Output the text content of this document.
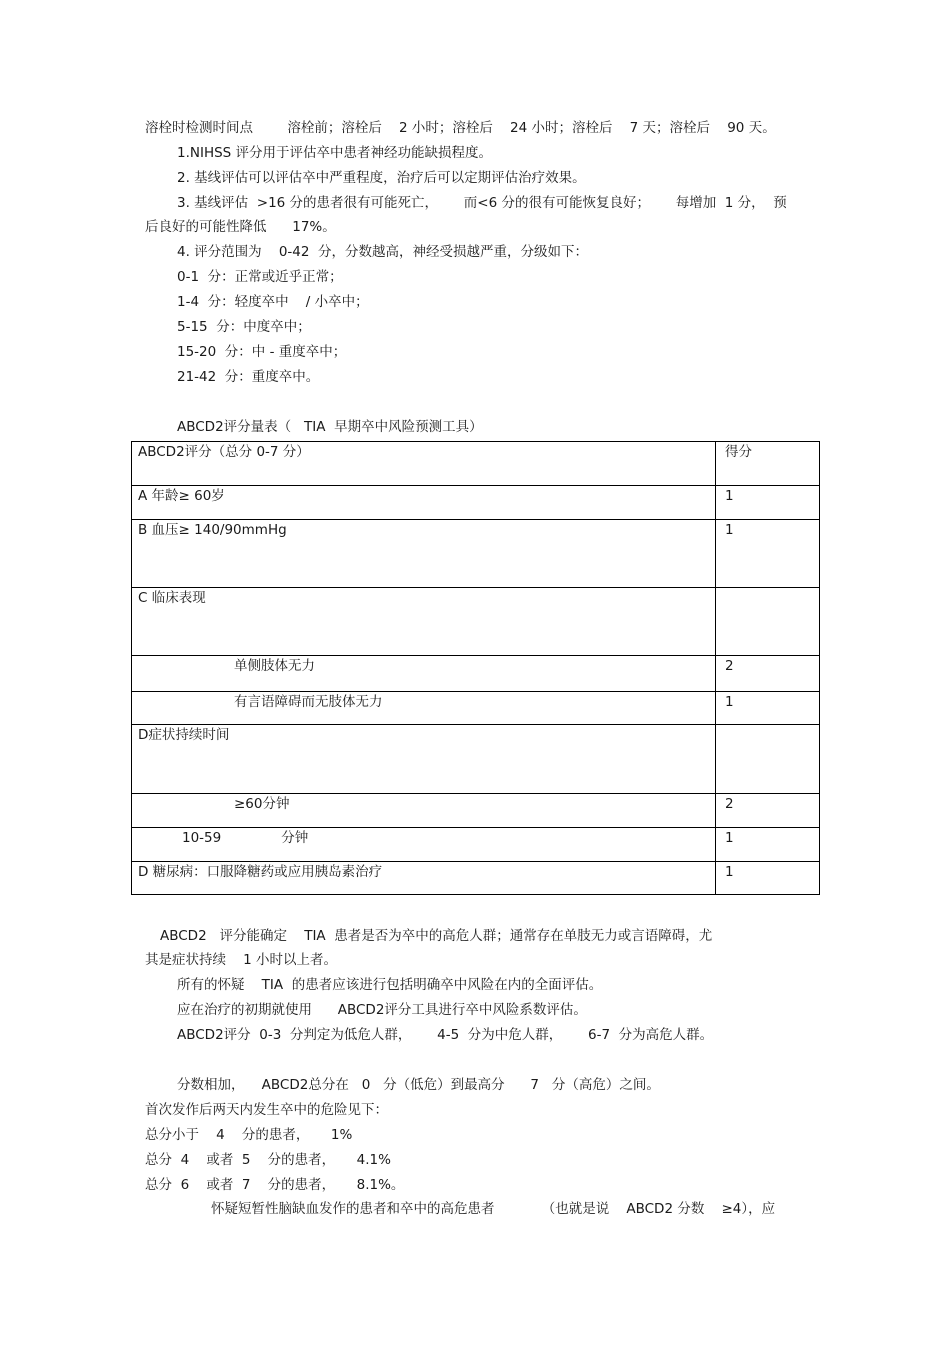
溶栓时检测时间点        溶栓前；溶栓后    2 小时；溶栓后    24 小时；溶栓后    7 天；溶栓后    90 天。
1.NIHSS 评分用于评估卒中患者神经功能缺损程度。
2. 基线评估可以评估卒中严重程度，治疗后可以定期评估治疗效果。
3. 基线评估  >16 分的患者很有可能死亡，      而<6 分的很有可能恢复良好；      每增加  1 分，  预
后良好的可能性降低      17%。
4. 评分范围为    0-42  分，分数越高，神经受损越严重，分级如下：
0-1  分：正常或近乎正常；
1-4  分：轻度卒中    / 小卒中；
5-15  分：中度卒中；
15-20  分：中 - 重度卒中；
21-42  分：重度卒中。
ABCD2评分量表（   TIA  早期卒中风险预测工具）
ABCD2评分（总分 0-7 分）	得分
A 年龄≥ 60岁	1
B 血压≥ 140/90mmHg	1
C 临床表现	
单侧肢体无力	2
有言语障碍而无肢体无力	1
D症状持续时间	
≥60分钟	2
10-59              分钟	1
D 糖尿病：口服降糖药或应用胰岛素治疗	1
ABCD2   评分能确定    TIA  患者是否为卒中的高危人群；通常存在单肢无力或言语障碍，尤
其是症状持续    1 小时以上者。
所有的怀疑    TIA  的患者应该进行包括明确卒中风险在内的全面评估。
应在治疗的初期就使用      ABCD2评分工具进行卒中风险系数评估。
ABCD2评分  0-3  分判定为低危人群，      4-5  分为中危人群，      6-7  分为高危人群。
分数相加，    ABCD2总分在   0   分（低危）到最高分      7   分（高危）之间。
首次发作后两天内发生卒中的危险见下：
总分小于    4    分的患者，     1%
总分  4    或者  5    分的患者，     4.1%
总分  6    或者  7    分的患者，     8.1%。
怀疑短暂性脑缺血发作的患者和卒中的高危患者           （也就是说    ABCD2 分数    ≥4），应
